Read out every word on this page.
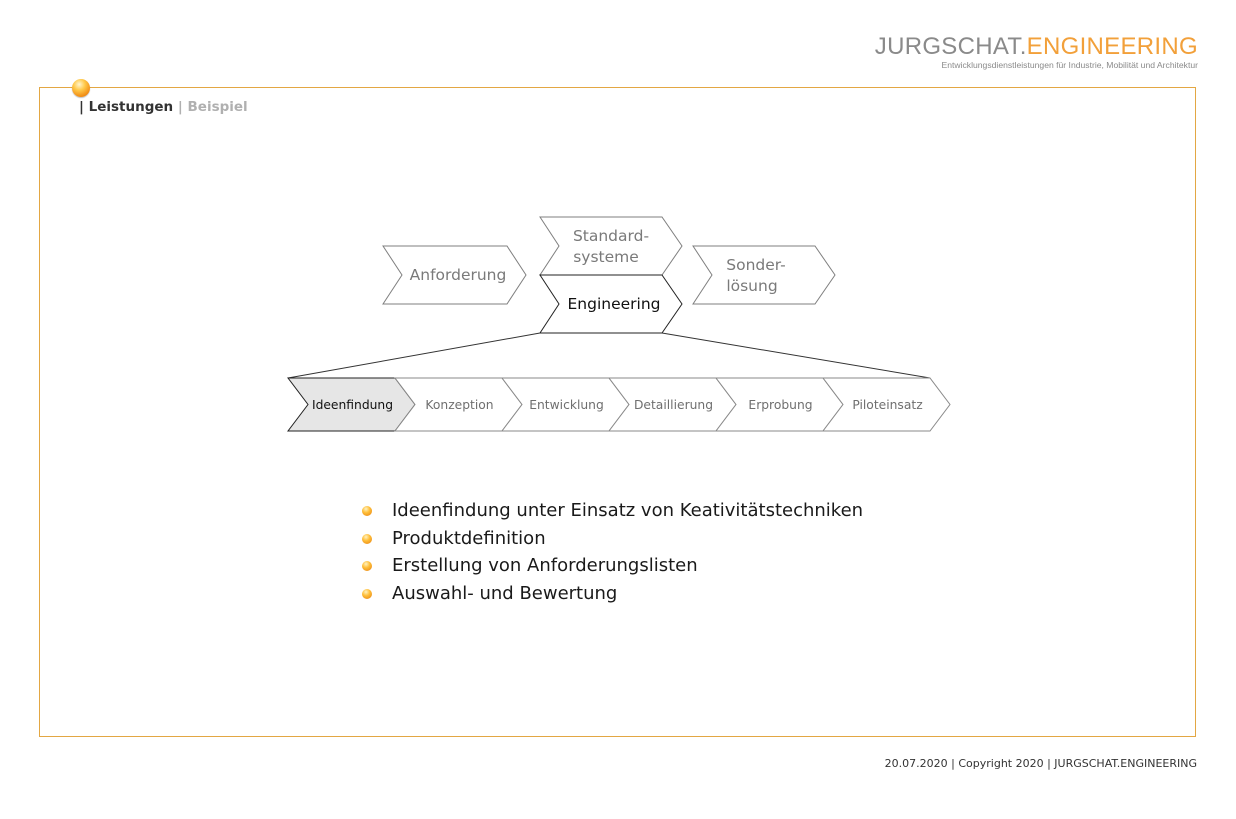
JURGSCHAT.ENGINEERING
Entwicklungsdienstleistungen für Industrie, Mobilität und Architektur
| Leistungen | Beispiel
Anforderung
Standard-
systeme	Sonder-
lösung
Engineering
Ideenfindung	Konzeption	Entwicklung Detaillierung	Erprobung	Piloteinsatz
Ideenfindung unter Einsatz von Keativitätstechniken
Produktdefinition
Erstellung von Anforderungslisten
Auswahl- und Bewertung
20.07.2020 | Copyright 2020 | JURGSCHAT.ENGINEERING
